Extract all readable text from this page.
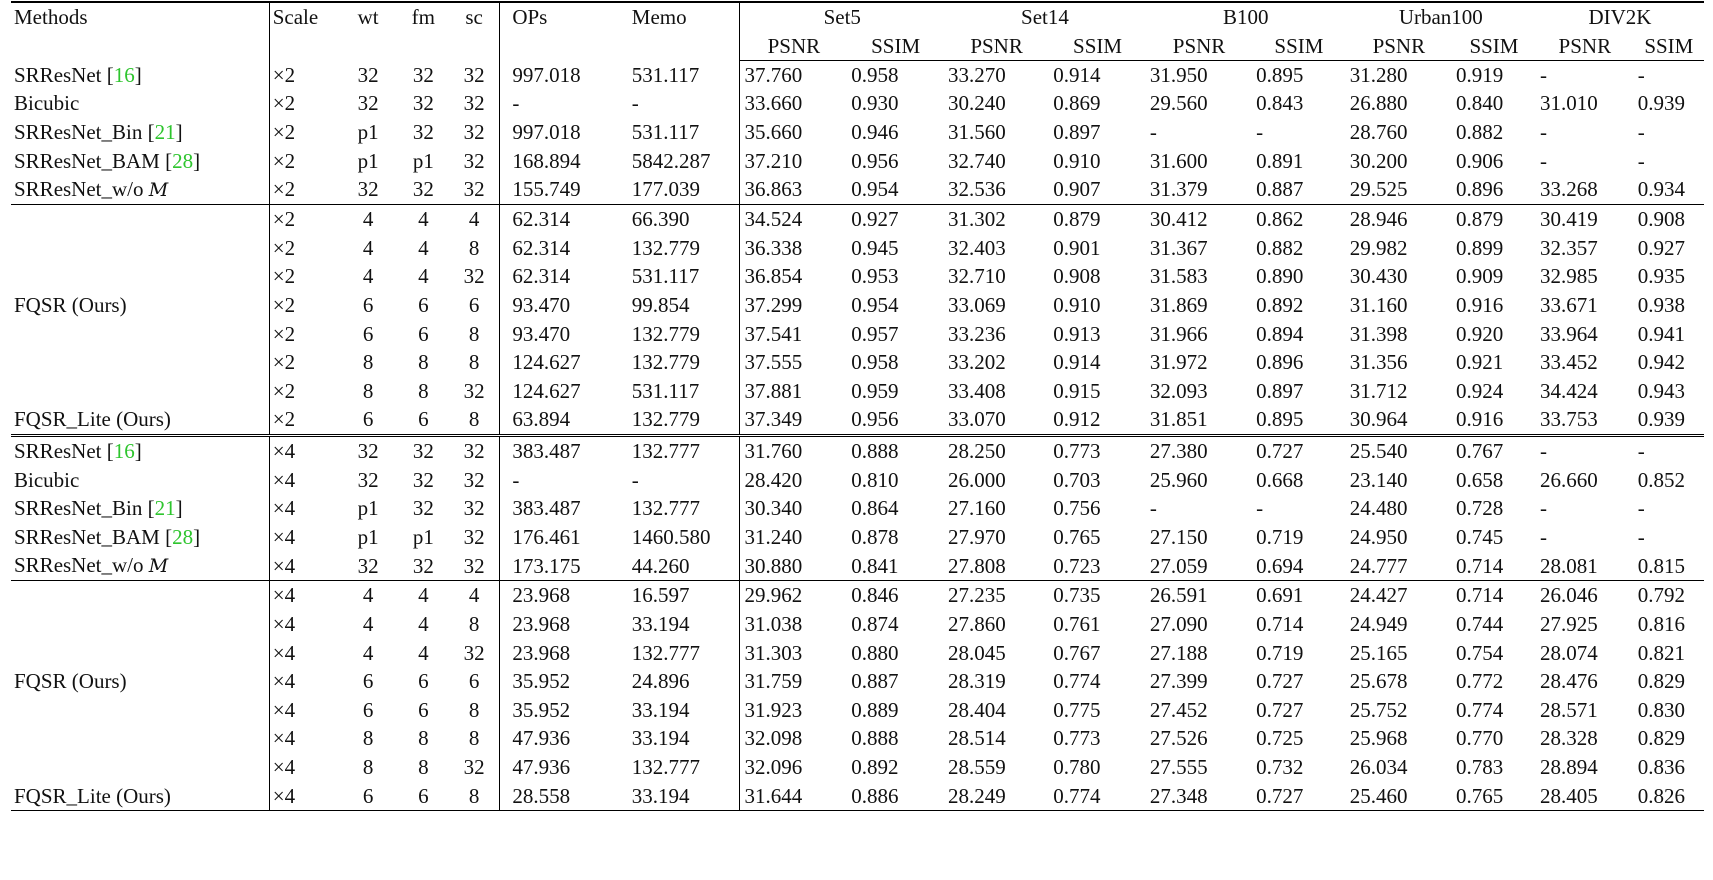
Methods	Scale	wt	fm	sc	OPs	Memo	Set5		Set14		B100		Urban100		DIV2K	
							PSNR	SSIM	PSNR	SSIM	PSNR	SSIM	PSNR	SSIM	PSNR	SSIM
SRResNet [16]	×2	32	32	32	997.018	531.117	37.760	0.958	33.270	0.914	31.950	0.895	31.280	0.919	-	-
Bicubic	×2	32	32	32	-	-	33.660	0.930	30.240	0.869	29.560	0.843	26.880	0.840	31.010	0.939
SRResNet_Bin [21]	×2	p1	32	32	997.018	531.117	35.660	0.946	31.560	0.897	-	-	28.760	0.882	-	-
SRResNet_BAM [28]	×2	p1	p1	32	168.894	5842.287	37.210	0.956	32.740	0.910	31.600	0.891	30.200	0.906	-	-
SRResNet_w/o M	×2	32	32	32	155.749	177.039	36.863	0.954	32.536	0.907	31.379	0.887	29.525	0.896	33.268	0.934
FQSR (Ours)	×2	4	4	4	62.314	66.390	34.524	0.927	31.302	0.879	30.412	0.862	28.946	0.879	30.419	0.908
	×2	4	4	8	62.314	132.779	36.338	0.945	32.403	0.901	31.367	0.882	29.982	0.899	32.357	0.927
	×2	4	4	32	62.314	531.117	36.854	0.953	32.710	0.908	31.583	0.890	30.430	0.909	32.985	0.935
	×2	6	6	6	93.470	99.854	37.299	0.954	33.069	0.910	31.869	0.892	31.160	0.916	33.671	0.938
	×2	6	6	8	93.470	132.779	37.541	0.957	33.236	0.913	31.966	0.894	31.398	0.920	33.964	0.941
	×2	8	8	8	124.627	132.779	37.555	0.958	33.202	0.914	31.972	0.896	31.356	0.921	33.452	0.942
	×2	8	8	32	124.627	531.117	37.881	0.959	33.408	0.915	32.093	0.897	31.712	0.924	34.424	0.943
FQSR_Lite (Ours)	×2	6	6	8	63.894	132.779	37.349	0.956	33.070	0.912	31.851	0.895	30.964	0.916	33.753	0.939
SRResNet [16]	×4	32	32	32	383.487	132.777	31.760	0.888	28.250	0.773	27.380	0.727	25.540	0.767	-	-
Bicubic	×4	32	32	32	-	-	28.420	0.810	26.000	0.703	25.960	0.668	23.140	0.658	26.660	0.852
SRResNet_Bin [21]	×4	p1	32	32	383.487	132.777	30.340	0.864	27.160	0.756	-	-	24.480	0.728	-	-
SRResNet_BAM [28]	×4	p1	p1	32	176.461	1460.580	31.240	0.878	27.970	0.765	27.150	0.719	24.950	0.745	-	-
SRResNet_w/o M	×4	32	32	32	173.175	44.260	30.880	0.841	27.808	0.723	27.059	0.694	24.777	0.714	28.081	0.815
FQSR (Ours)	×4	4	4	4	23.968	16.597	29.962	0.846	27.235	0.735	26.591	0.691	24.427	0.714	26.046	0.792
	×4	4	4	8	23.968	33.194	31.038	0.874	27.860	0.761	27.090	0.714	24.949	0.744	27.925	0.816
	×4	4	4	32	23.968	132.777	31.303	0.880	28.045	0.767	27.188	0.719	25.165	0.754	28.074	0.821
	×4	6	6	6	35.952	24.896	31.759	0.887	28.319	0.774	27.399	0.727	25.678	0.772	28.476	0.829
	×4	6	6	8	35.952	33.194	31.923	0.889	28.404	0.775	27.452	0.727	25.752	0.774	28.571	0.830
	×4	8	8	8	47.936	33.194	32.098	0.888	28.514	0.773	27.526	0.725	25.968	0.770	28.328	0.829
	×4	8	8	32	47.936	132.777	32.096	0.892	28.559	0.780	27.555	0.732	26.034	0.783	28.894	0.836
FQSR_Lite (Ours)	×4	6	6	8	28.558	33.194	31.644	0.886	28.249	0.774	27.348	0.727	25.460	0.765	28.405	0.826
